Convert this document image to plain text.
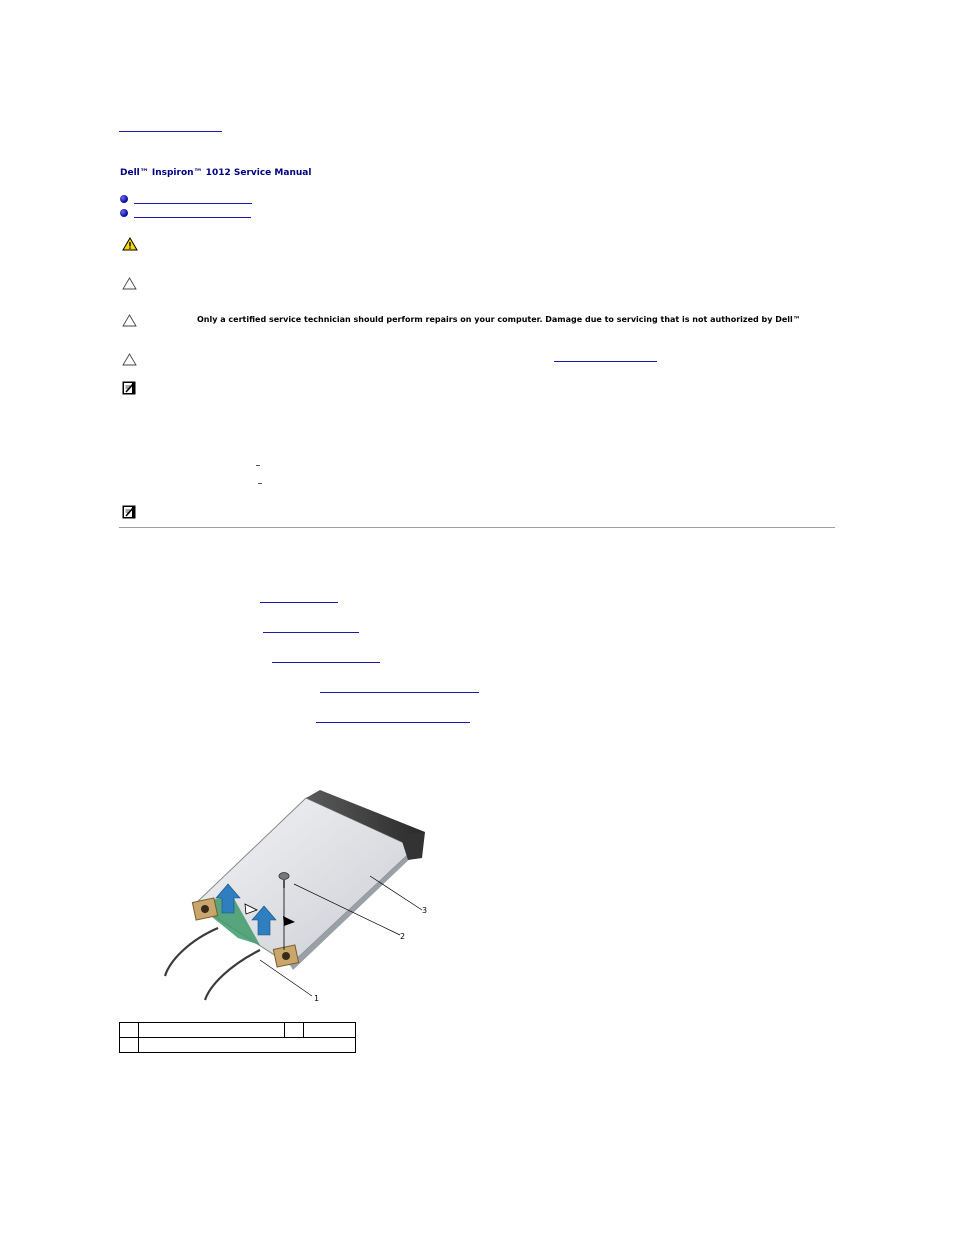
Dell™ Inspiron™ 1012 Service Manual
Only a certified service technician should perform repairs on your computer. Damage due to servicing that is not authorized by Dell™
3
2
1
